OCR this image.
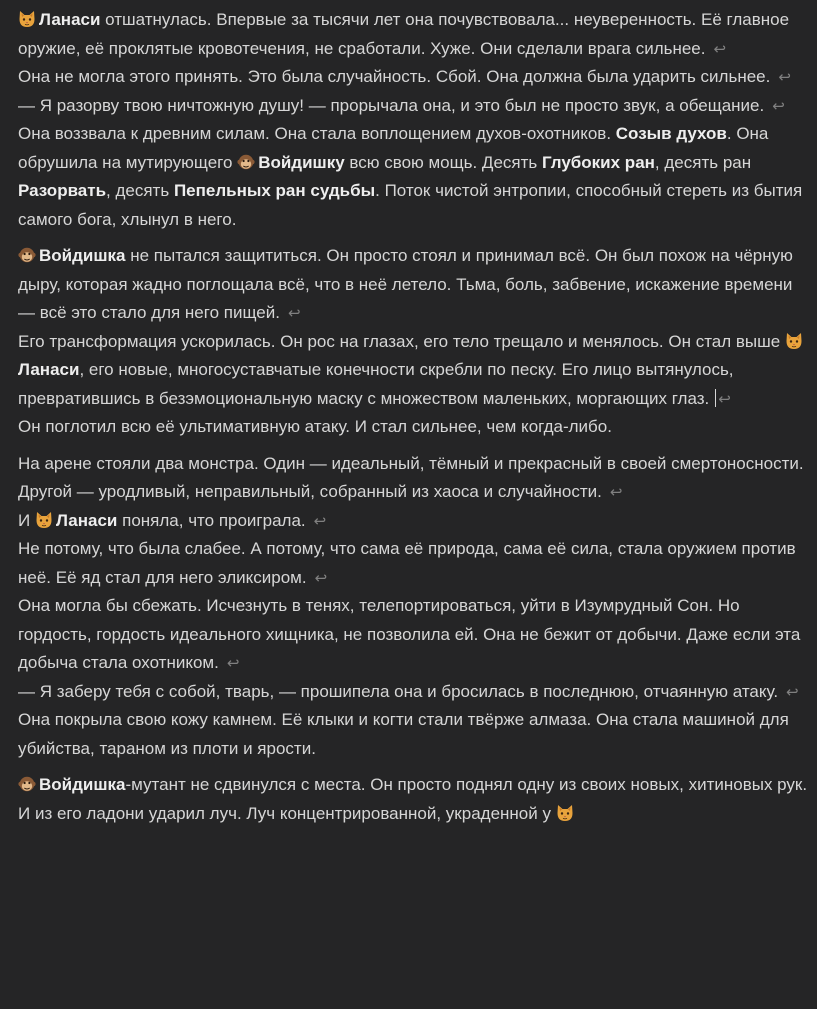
Ланаси отшатнулась. Впервые за тысячи лет она почувствовала... неуверенность. Её главное оружие, её проклятые кровотечения, не сработали. Хуже. Они сделали врага сильнее. ↩
Она не могла этого принять. Это была случайность. Сбой. Она должна была ударить сильнее. ↩
— Я разорву твою ничтожную душу! — прорычала она, и это был не просто звук, а обещание. ↩
Она воззвала к древним силам. Она стала воплощением духов-охотников. Созыв духов. Она обрушила на мутирующего Войдишку всю свою мощь. Десять Глубоких ран, десять ран Разорвать, десять Пепельных ран судьбы. Поток чистой энтропии, способный стереть из бытия самого бога, хлынул в него.
Войдишка не пытался защититься. Он просто стоял и принимал всё. Он был похож на чёрную дыру, которая жадно поглощала всё, что в неё летело. Тьма, боль, забвение, искажение времени — всё это стало для него пищей. ↩
Его трансформация ускорилась. Он рос на глазах, его тело трещало и менялось. Он стал выше Ланаси, его новые, многосуставчатые конечности скребли по песку. Его лицо вытянулось, превратившись в безэмоциональную маску с множеством маленьких, моргающих глаз. ↩
Он поглотил всю её ультимативную атаку. И стал сильнее, чем когда-либо.
На арене стояли два монстра. Один — идеальный, тёмный и прекрасный в своей смертоносности. Другой — уродливый, неправильный, собранный из хаоса и случайности. ↩
И Ланаси поняла, что проиграла. ↩
Не потому, что была слабее. А потому, что сама её природа, сама её сила, стала оружием против неё. Её яд стал для него эликсиром. ↩
Она могла бы сбежать. Исчезнуть в тенях, телепортироваться, уйти в Изумрудный Сон. Но гордость, гордость идеального хищника, не позволила ей. Она не бежит от добычи. Даже если эта добыча стала охотником. ↩
— Я заберу тебя с собой, тварь, — прошипела она и бросилась в последнюю, отчаянную атаку. ↩
Она покрыла свою кожу камнем. Её клыки и когти стали твёрже алмаза. Она стала машиной для убийства, тараном из плоти и ярости.
Войдишка-мутант не сдвинулся с места. Он просто поднял одну из своих новых, хитиновых рук. И из его ладони ударил луч. Луч концентрированной, украденной у
